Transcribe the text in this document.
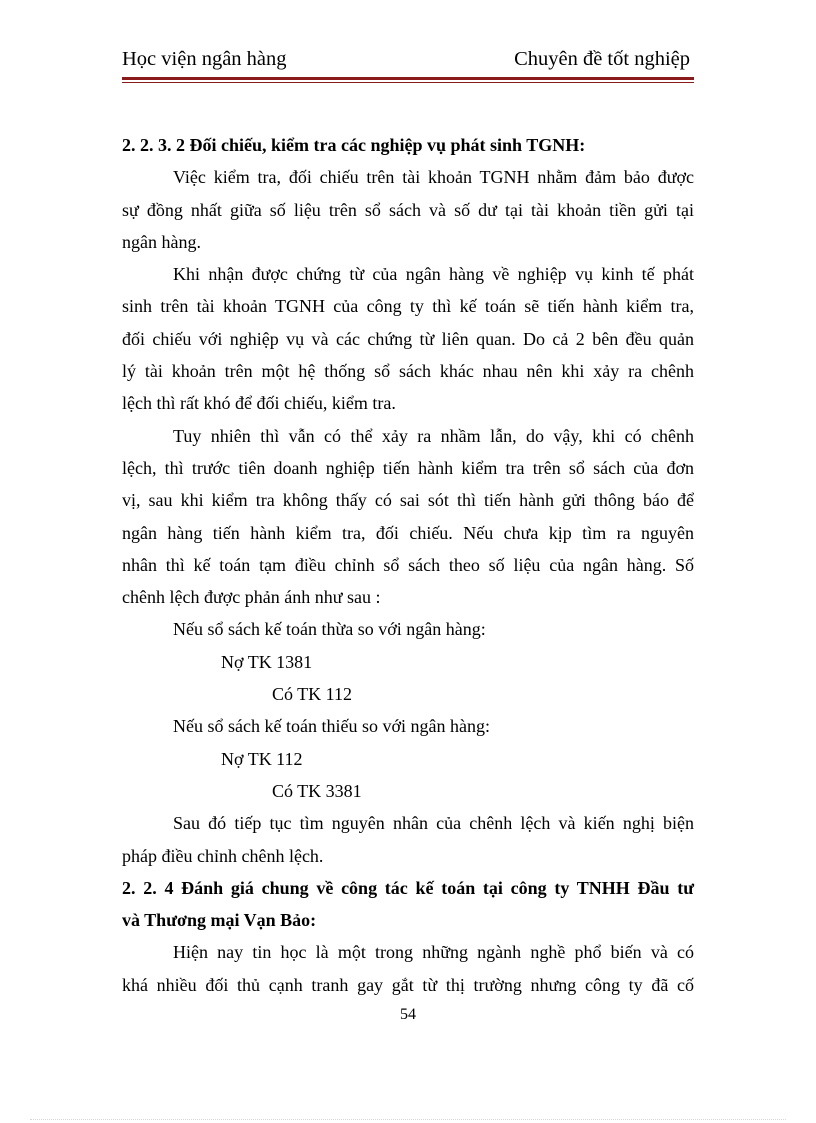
Học viện ngân hàng	Chuyên đề tốt nghiệp
2. 2. 3. 2 Đối chiếu, kiểm tra các nghiệp vụ phát sinh TGNH:
Việc kiểm tra, đối chiếu trên tài khoản TGNH nhằm đảm bảo được
sự đồng nhất giữa số liệu trên sổ sách và số dư tại tài khoản tiền gửi tại
ngân hàng.
Khi nhận được chứng từ của ngân hàng về nghiệp vụ kinh tế phát
sinh trên tài khoản TGNH của công ty thì kế toán sẽ tiến hành kiểm tra,
đối chiếu với nghiệp vụ và các chứng từ liên quan. Do cả 2 bên đều quản
lý tài khoản trên một hệ thống sổ sách khác nhau nên khi xảy ra chênh
lệch thì rất khó để đối chiếu, kiểm tra.
Tuy nhiên thì vẫn có thể xảy ra nhầm lẫn, do vậy, khi có chênh
lệch, thì trước tiên doanh nghiệp tiến hành kiểm tra trên sổ sách của đơn
vị, sau khi kiểm tra không thấy có sai sót thì tiến hành gửi thông báo để
ngân hàng tiến hành kiểm tra, đối chiếu. Nếu chưa kịp tìm ra nguyên
nhân thì kế toán tạm điều chỉnh sổ sách theo số liệu của ngân hàng. Số
chênh lệch được phản ánh như sau :
Nếu sổ sách kế toán thừa so với ngân hàng:
Nợ TK 1381
Có TK 112
Nếu sổ sách kế toán thiếu so với ngân hàng:
Nợ TK 112
Có TK 3381
Sau đó tiếp tục tìm nguyên nhân của chênh lệch và kiến nghị biện
pháp điều chỉnh chênh lệch.
2. 2. 4 Đánh giá chung về công tác kế toán tại công ty TNHH Đầu tư
và Thương mại Vạn Bảo:
Hiện nay tin học là một trong những ngành nghề phổ biến và có
khá nhiều đối thủ cạnh tranh gay gắt từ thị trường nhưng công ty đã cố
54
